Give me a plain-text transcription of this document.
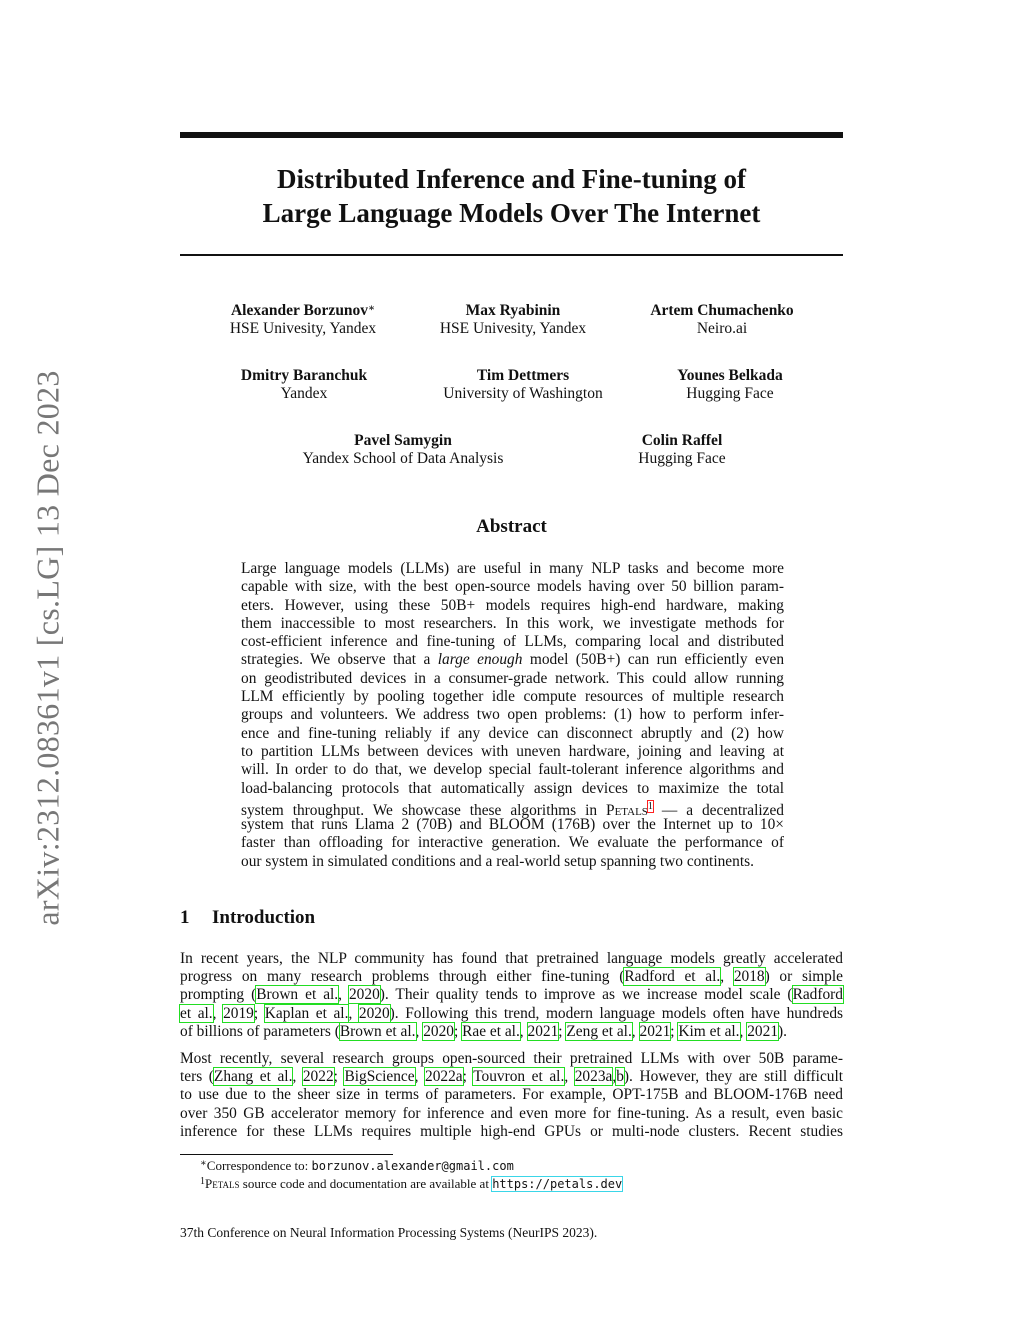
arXiv:2312.08361v1 [cs.LG] 13 Dec 2023
Distributed Inference and Fine-tuning of
Large Language Models Over The Internet
Alexander Borzunov∗
HSE Univesity, Yandex
Max Ryabinin
HSE Univesity, Yandex
Artem Chumachenko
Neiro.ai
Dmitry Baranchuk
Yandex
Tim Dettmers
University of Washington
Younes Belkada
Hugging Face
Pavel Samygin
Yandex School of Data Analysis
Colin Raffel
Hugging Face
Abstract
Large language models (LLMs) are useful in many NLP tasks and become more
capable with size, with the best open-source models having over 50 billion param-
eters. However, using these 50B+ models requires high-end hardware, making
them inaccessible to most researchers. In this work, we investigate methods for
cost-efficient inference and fine-tuning of LLMs, comparing local and distributed
strategies. We observe that a large enough model (50B+) can run efficiently even
on geodistributed devices in a consumer-grade network. This could allow running
LLM efficiently by pooling together idle compute resources of multiple research
groups and volunteers. We address two open problems: (1) how to perform infer-
ence and fine-tuning reliably if any device can disconnect abruptly and (2) how
to partition LLMs between devices with uneven hardware, joining and leaving at
will. In order to do that, we develop special fault-tolerant inference algorithms and
load-balancing protocols that automatically assign devices to maximize the total
system throughput. We showcase these algorithms in Petals$^1$ — a decentralized
system that runs Llama 2 (70B) and BLOOM (176B) over the Internet up to 10×
faster than offloading for interactive generation. We evaluate the performance of
our system in simulated conditions and a real-world setup spanning two continents.
1 Introduction
In recent years, the NLP community has found that pretrained language models greatly accelerated
progress on many research problems through either fine-tuning (Radford et al., 2018) or simple
prompting (Brown et al., 2020). Their quality tends to improve as we increase model scale (Radford
et al., 2019; Kaplan et al., 2020). Following this trend, modern language models often have hundreds
of billions of parameters (Brown et al., 2020; Rae et al., 2021; Zeng et al., 2021; Kim et al., 2021).
Most recently, several research groups open-sourced their pretrained LLMs with over 50B parame-
ters (Zhang et al., 2022; BigScience, 2022a; Touvron et al., 2023a,b). However, they are still difficult
to use due to the sheer size in terms of parameters. For example, OPT-175B and BLOOM-176B need
over 350 GB accelerator memory for inference and even more for fine-tuning. As a result, even basic
inference for these LLMs requires multiple high-end GPUs or multi-node clusters. Recent studies
∗Correspondence to: borzunov.alexander@gmail.com
$^1$Petals source code and documentation are available at https://petals.dev
37th Conference on Neural Information Processing Systems (NeurIPS 2023).
